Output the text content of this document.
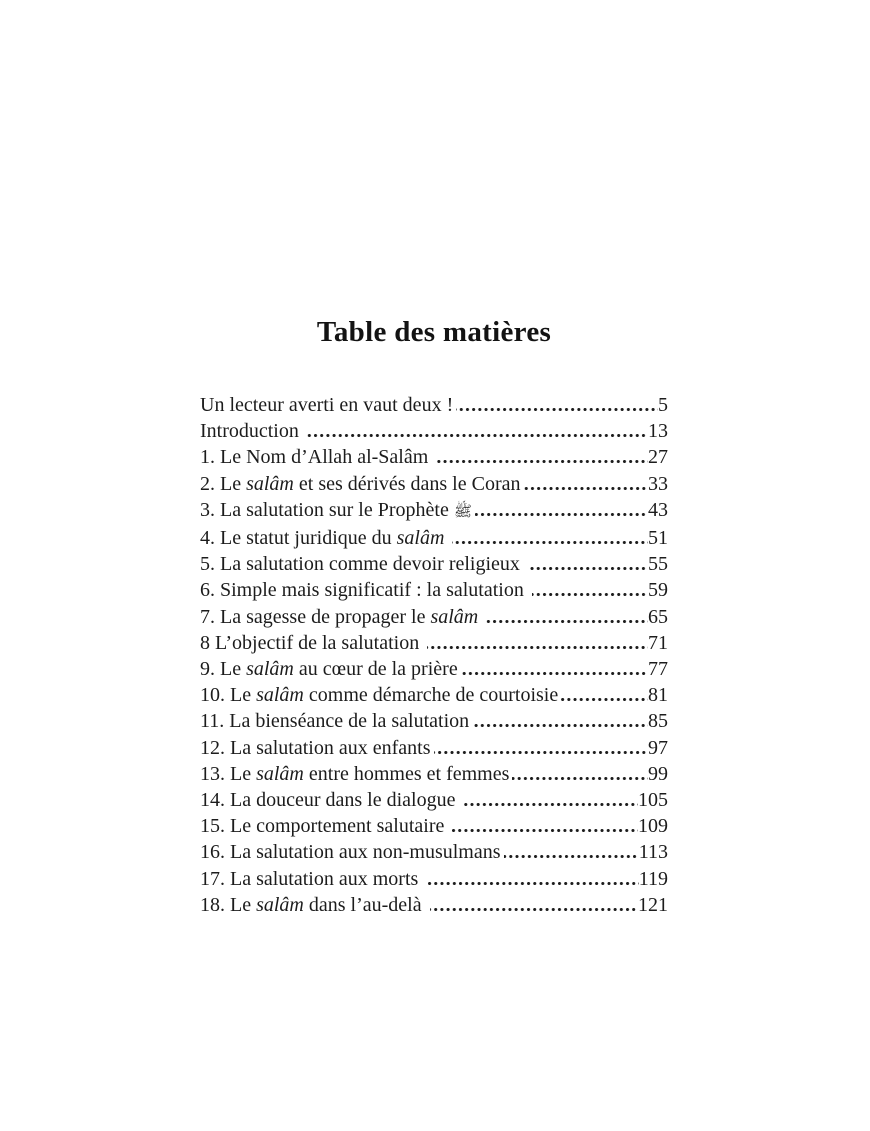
Table des matières
Un lecteur averti en vaut deux !	5
Introduction	13
1. Le Nom d’Allah al-Salâm	27
2. Le salâm et ses dérivés dans le Coran	33
3. La salutation sur le Prophète ﷺ	43
4. Le statut juridique du salâm	51
5. La salutation comme devoir religieux	55
6. Simple mais significatif : la salutation	59
7. La sagesse de propager le salâm	65
8 L’objectif de la salutation	71
9. Le salâm au cœur de la prière	77
10. Le salâm comme démarche de courtoisie	81
11. La bienséance de la salutation	85
12. La salutation aux enfants	97
13. Le salâm entre hommes et femmes	99
14. La douceur dans le dialogue	105
15. Le comportement salutaire	109
16. La salutation aux non-musulmans	113
17. La salutation aux morts	119
18. Le salâm dans l’au-delà	121
